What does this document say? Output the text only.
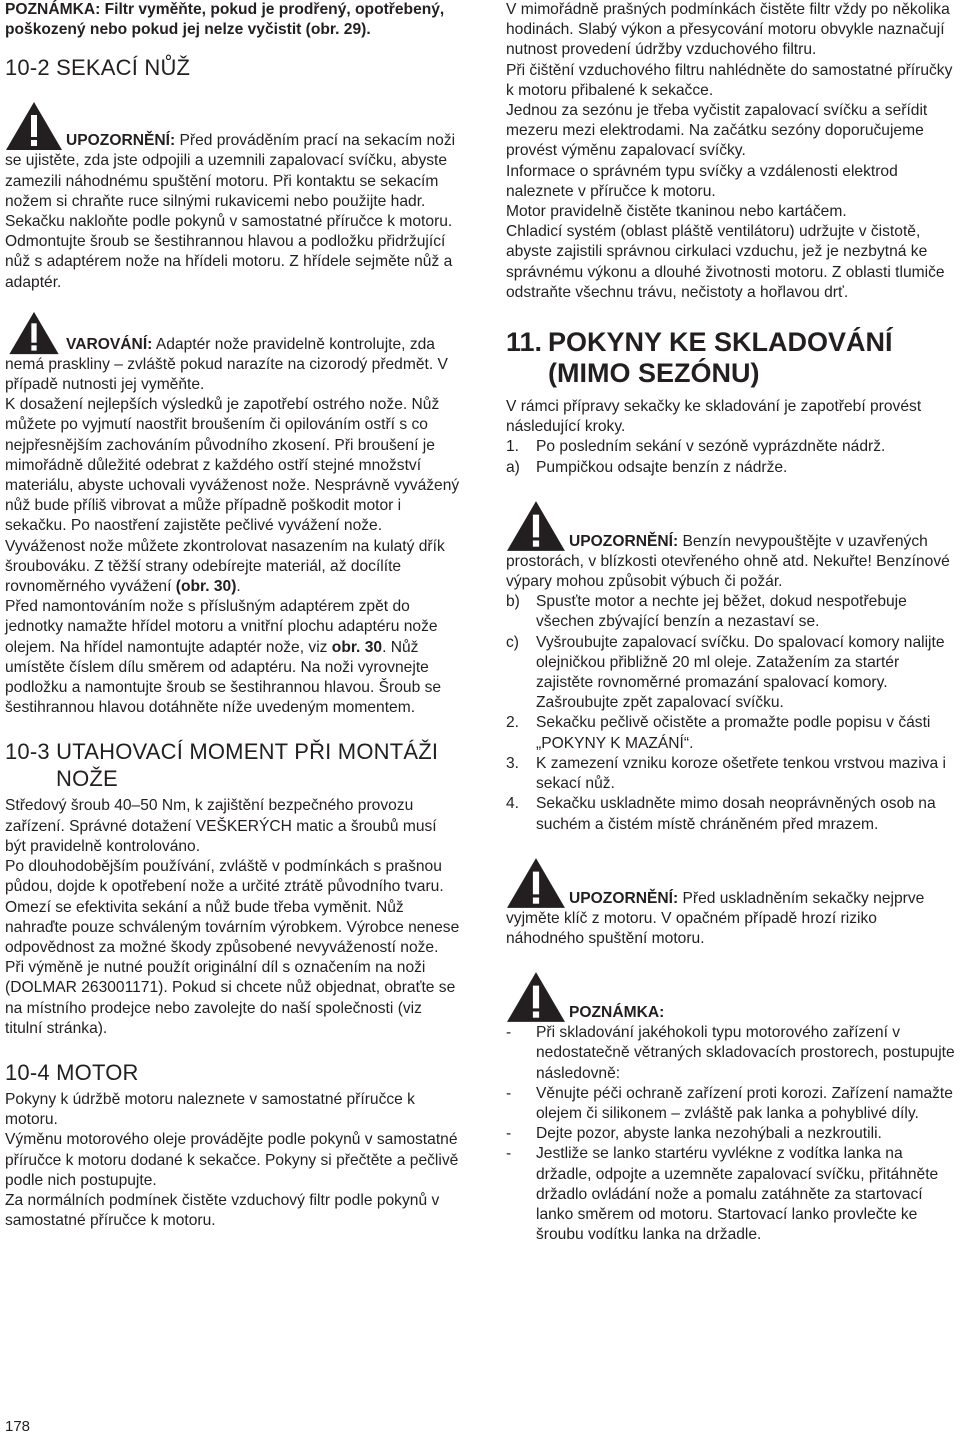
POZNÁMKA: Filtr vyměňte, pokud je prodřený, opotřebený, poškozený nebo pokud jej nelze vyčistit (obr. 29).

10-2 SEKACÍ NŮŽ

UPOZORNĚNÍ: Před prováděním prací na sekacím noži se ujistěte, zda jste odpojili a uzemnili zapalovací svíčku, abyste zamezili náhodnému spuštění motoru. Při kontaktu se sekacím nožem si chraňte ruce silnými rukavicemi nebo použijte hadr. Sekačku nakloňte podle pokynů v samostatné příručce k motoru. Odmontujte šroub se šestihrannou hlavou a podložku přidržující nůž s adaptérem nože na hřídeli motoru. Z hřídele sejměte nůž a adaptér.

VAROVÁNÍ: Adaptér nože pravidelně kontrolujte, zda nemá praskliny – zvláště pokud narazíte na cizorodý předmět. V případě nutnosti jej vyměňte.

K dosažení nejlepších výsledků je zapotřebí ostrého nože. Nůž můžete po vyjmutí naostřit broušením či opilováním ostří s co nejpřesnějším zachováním původního zkosení. Při broušení je mimořádně důležité odebrat z každého ostří stejné množství materiálu, abyste uchovali vyváženost nože. Nesprávně vyvážený nůž bude příliš vibrovat a může případně poškodit motor i sekačku. Po naostření zajistěte pečlivé vyvážení nože. Vyváženost nože můžete zkontrolovat nasazením na kulatý dřík šroubováku. Z těžší strany odebírejte materiál, až docílíte rovnoměrného vyvážení (obr. 30).

Před namontováním nože s příslušným adaptérem zpět do jednotky namažte hřídel motoru a vnitřní plochu adaptéru nože olejem. Na hřídel namontujte adaptér nože, viz obr. 30. Nůž umístěte číslem dílu směrem od adaptéru. Na noži vyrovnejte podložku a namontujte šroub se šestihrannou hlavou. Šroub se šestihrannou hlavou dotáhněte níže uvedeným momentem.

10-3 UTAHOVACÍ MOMENT PŘI MONTÁŽI
NOŽE

Středový šroub 40–50 Nm, k zajištění bezpečného provozu zařízení. Správné dotažení VEŠKERÝCH matic a šroubů musí být pravidelně kontrolováno.

Po dlouhodobějším používání, zvláště v podmínkách s prašnou půdou, dojde k opotřebení nože a určité ztrátě původního tvaru. Omezí se efektivita sekání a nůž bude třeba vyměnit. Nůž nahraďte pouze schváleným továrním výrobkem. Výrobce nenese odpovědnost za možné škody způsobené nevyvážeností nože.

Při výměně je nutné použít originální díl s označením na noži (DOLMAR 263001171). Pokud si chcete nůž objednat, obraťte se na místního prodejce nebo zavolejte do naší společnosti (viz titulní stránka).

10-4 MOTOR

Pokyny k údržbě motoru naleznete v samostatné příručce k motoru.

Výměnu motorového oleje provádějte podle pokynů v samostatné příručce k motoru dodané k sekačce. Pokyny si přečtěte a pečlivě podle nich postupujte.

Za normálních podmínek čistěte vzduchový filtr podle pokynů v samostatné příručce k motoru.

V mimořádně prašných podmínkách čistěte filtr vždy po několika hodinách. Slabý výkon a přesycování motoru obvykle naznačují nutnost provedení údržby vzduchového filtru.

Při čištění vzduchového filtru nahlédněte do samostatné příručky k motoru přibalené k sekačce.

Jednou za sezónu je třeba vyčistit zapalovací svíčku a seřídit mezeru mezi elektrodami. Na začátku sezóny doporučujeme provést výměnu zapalovací svíčky.

Informace o správném typu svíčky a vzdálenosti elektrod naleznete v příručce k motoru.

Motor pravidelně čistěte tkaninou nebo kartáčem.

Chladicí systém (oblast pláště ventilátoru) udržujte v čistotě, abyste zajistili správnou cirkulaci vzduchu, jež je nezbytná ke správnému výkonu a dlouhé životnosti motoru. Z oblasti tlumiče odstraňte všechnu trávu, nečistoty a hořlavou drť.

11. POKYNY KE SKLADOVÁNÍ
(MIMO SEZÓNU)

V rámci přípravy sekačky ke skladování je zapotřebí provést následující kroky.

1. Po posledním sekání v sezóně vyprázdněte nádrž.

a) Pumpičkou odsajte benzín z nádrže.

UPOZORNĚNÍ: Benzín nevypouštějte v uzavřených prostorách, v blízkosti otevřeného ohně atd. Nekuřte! Benzínové výpary mohou způsobit výbuch či požár.

b) Spusťte motor a nechte jej běžet, dokud nespotřebuje všechen zbývající benzín a nezastaví se.

c) Vyšroubujte zapalovací svíčku. Do spalovací komory nalijte olejničkou přibližně 20 ml oleje. Zatažením za startér zajistěte rovnoměrné promazání spalovací komory. Zašroubujte zpět zapalovací svíčku.

2. Sekačku pečlivě očistěte a promažte podle popisu v části „POKYNY K MAZÁNÍ“.

3. K zamezení vzniku koroze ošetřete tenkou vrstvou maziva i sekací nůž.

4. Sekačku uskladněte mimo dosah neoprávněných osob na suchém a čistém místě chráněném před mrazem.

UPOZORNĚNÍ: Před uskladněním sekačky nejprve vyjměte klíč z motoru. V opačném případě hrozí riziko náhodného spuštění motoru.

POZNÁMKA:

- Při skladování jakéhokoli typu motorového zařízení v nedostatečně větraných skladovacích prostorech, postupujte následovně:

- Věnujte péči ochraně zařízení proti korozi. Zařízení namažte olejem či silikonem – zvláště pak lanka a pohyblivé díly.

- Dejte pozor, abyste lanka nezohýbali a nezkroutili.

- Jestliže se lanko startéru vyvlékne z vodítka lanka na držadle, odpojte a uzemněte zapalovací svíčku, přitáhněte držadlo ovládání nože a pomalu zatáhněte za startovací lanko směrem od motoru. Startovací lanko provlečte ke šroubu vodítku lanka na držadle.

178
